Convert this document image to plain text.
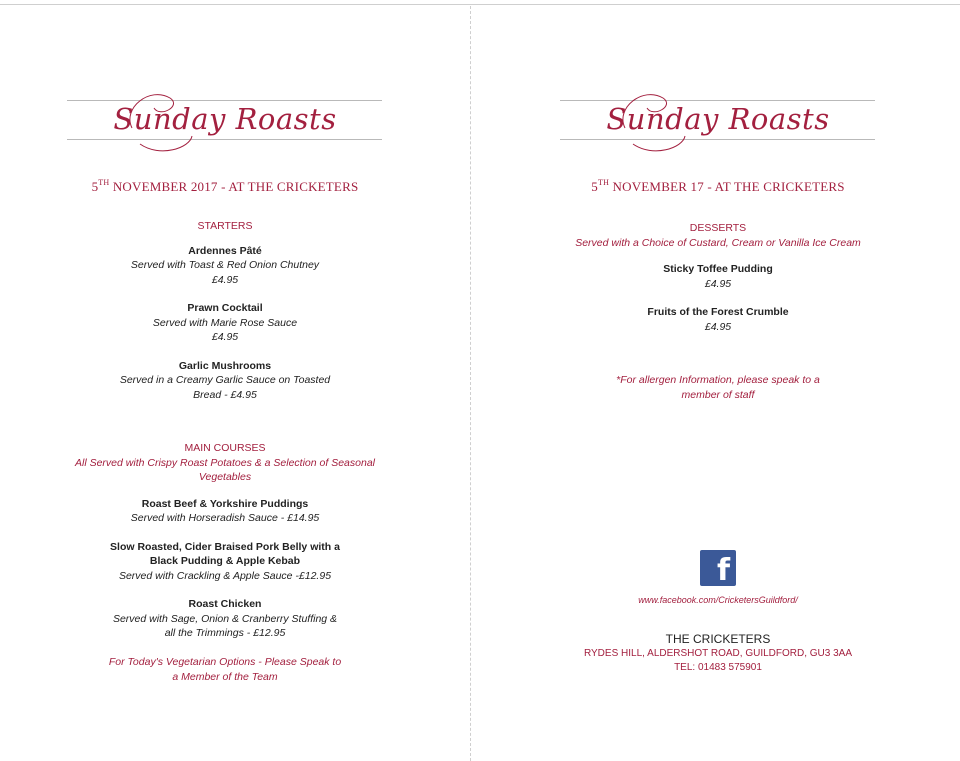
Sunday Roasts
5TH NOVEMBER 2017 - AT THE CRICKETERS
STARTERS
Ardennes Pâté
Served with Toast & Red Onion Chutney
£4.95
Prawn Cocktail
Served with Marie Rose Sauce
£4.95
Garlic Mushrooms
Served in a Creamy Garlic Sauce on Toasted
Bread - £4.95
MAIN COURSES
All Served with Crispy Roast Potatoes & a Selection of Seasonal Vegetables
Roast Beef & Yorkshire Puddings
Served with Horseradish Sauce - £14.95
Slow Roasted, Cider Braised Pork Belly with a
Black Pudding & Apple Kebab
Served with Crackling & Apple Sauce -£12.95
Roast Chicken
Served with Sage, Onion & Cranberry Stuffing &
all the Trimmings - £12.95
For Today's Vegetarian Options - Please Speak to
a Member of the Team
Sunday Roasts
5TH NOVEMBER 17 - AT THE CRICKETERS
DESSERTS
Served with a Choice of Custard, Cream or Vanilla Ice Cream
Sticky Toffee Pudding
£4.95
Fruits of the Forest Crumble
£4.95
*For allergen Information, please speak to a
member of staff
f
www.facebook.com/CricketersGuildford/
THE CRICKETERS
RYDES HILL, ALDERSHOT ROAD, GUILDFORD, GU3 3AA
TEL: 01483 575901
